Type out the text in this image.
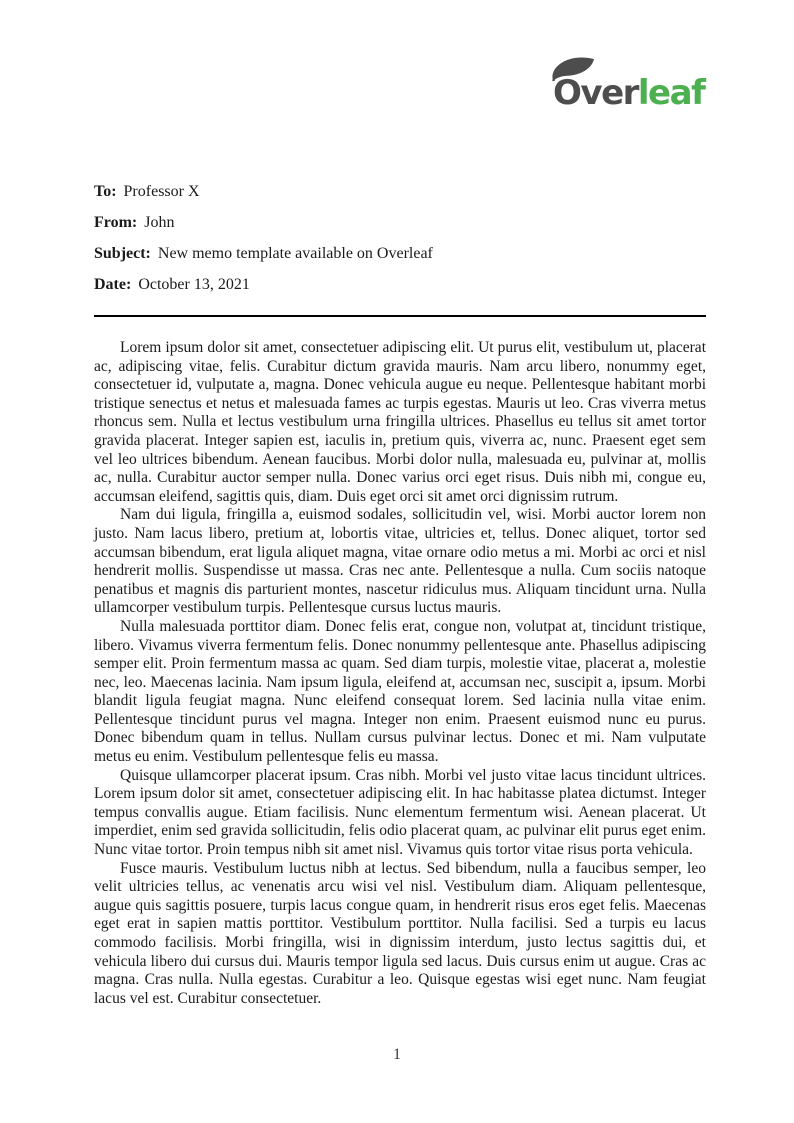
Overleaf
To: Professor X
From: John
Subject: New memo template available on Overleaf
Date: October 13, 2021

Lorem ipsum dolor sit amet, consectetuer adipiscing elit. Ut purus elit, vestibulum ut, placerat ac, adipiscing vitae, felis. Curabitur dictum gravida mauris. Nam arcu libero, nonummy eget, consectetuer id, vulputate a, magna. Donec vehicula augue eu neque. Pellentesque habitant morbi tristique senectus et netus et malesuada fames ac turpis egestas. Mauris ut leo. Cras viverra metus rhoncus sem. Nulla et lectus vestibulum urna fringilla ultrices. Phasellus eu tellus sit amet tortor gravida placerat. Integer sapien est, iaculis in, pretium quis, viverra ac, nunc. Praesent eget sem vel leo ultrices bibendum. Aenean faucibus. Morbi dolor nulla, malesuada eu, pulvinar at, mollis ac, nulla. Curabitur auctor semper nulla. Donec varius orci eget risus. Duis nibh mi, congue eu, accumsan eleifend, sagittis quis, diam. Duis eget orci sit amet orci dignissim rutrum.

Nam dui ligula, fringilla a, euismod sodales, sollicitudin vel, wisi. Morbi auctor lorem non justo. Nam lacus libero, pretium at, lobortis vitae, ultricies et, tellus. Donec aliquet, tortor sed accumsan bibendum, erat ligula aliquet magna, vitae ornare odio metus a mi. Morbi ac orci et nisl hendrerit mollis. Suspendisse ut massa. Cras nec ante. Pellentesque a nulla. Cum sociis natoque penatibus et magnis dis parturient montes, nascetur ridiculus mus. Aliquam tincidunt urna. Nulla ullamcorper vestibulum turpis. Pellentesque cursus luctus mauris.

Nulla malesuada porttitor diam. Donec felis erat, congue non, volutpat at, tincidunt tristique, libero. Vivamus viverra fermentum felis. Donec nonummy pellentesque ante. Phasellus adipiscing semper elit. Proin fermentum massa ac quam. Sed diam turpis, molestie vitae, placerat a, molestie nec, leo. Maecenas lacinia. Nam ipsum ligula, eleifend at, accumsan nec, suscipit a, ipsum. Morbi blandit ligula feugiat magna. Nunc eleifend consequat lorem. Sed lacinia nulla vitae enim. Pellentesque tincidunt purus vel magna. Integer non enim. Praesent euismod nunc eu purus. Donec bibendum quam in tellus. Nullam cursus pulvinar lectus. Donec et mi. Nam vulputate metus eu enim. Vestibulum pellentesque felis eu massa.

Quisque ullamcorper placerat ipsum. Cras nibh. Morbi vel justo vitae lacus tincidunt ultrices. Lorem ipsum dolor sit amet, consectetuer adipiscing elit. In hac habitasse platea dictumst. Integer tempus convallis augue. Etiam facilisis. Nunc elementum fermentum wisi. Aenean placerat. Ut imperdiet, enim sed gravida sollicitudin, felis odio placerat quam, ac pulvinar elit purus eget enim. Nunc vitae tortor. Proin tempus nibh sit amet nisl. Vivamus quis tortor vitae risus porta vehicula.

Fusce mauris. Vestibulum luctus nibh at lectus. Sed bibendum, nulla a faucibus semper, leo velit ultricies tellus, ac venenatis arcu wisi vel nisl. Vestibulum diam. Aliquam pellentesque, augue quis sagittis posuere, turpis lacus congue quam, in hendrerit risus eros eget felis. Maecenas eget erat in sapien mattis porttitor. Vestibulum porttitor. Nulla facilisi. Sed a turpis eu lacus commodo facilisis. Morbi fringilla, wisi in dignissim interdum, justo lectus sagittis dui, et vehicula libero dui cursus dui. Mauris tempor ligula sed lacus. Duis cursus enim ut augue. Cras ac magna. Cras nulla. Nulla egestas. Curabitur a leo. Quisque egestas wisi eget nunc. Nam feugiat lacus vel est. Curabitur consectetuer.

1
